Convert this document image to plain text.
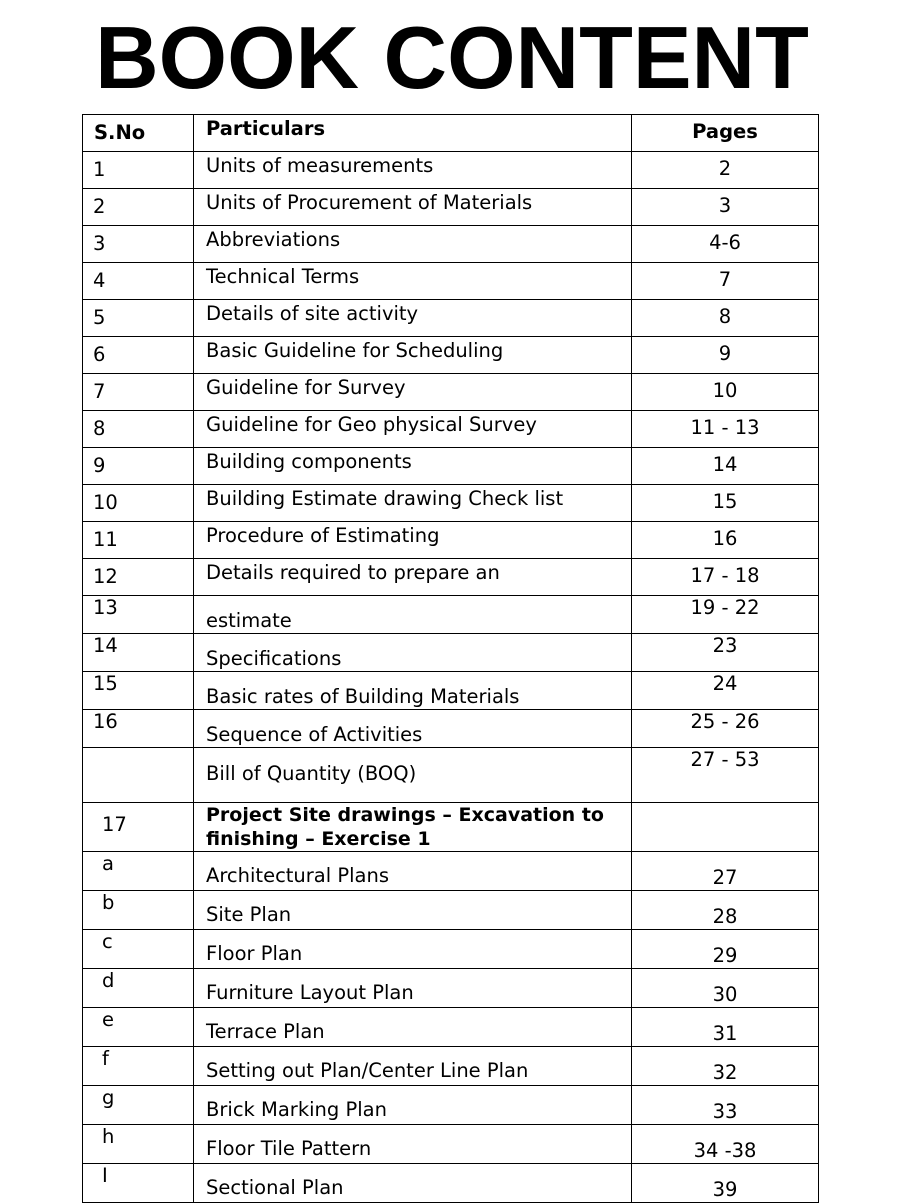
BOOK CONTENT
S.No	Particulars	Pages

1	Units of measurements	2

2	Units of Procurement of Materials	3

3	Abbreviations	4-6

4	Technical Terms	7

5	Details of site activity	8

6	Basic Guideline for Scheduling	9

7	Guideline for Survey	10

8	Guideline for Geo physical Survey	11 - 13

9	Building components	14

10	Building Estimate drawing Check list	15

11	Procedure of Estimating	16

12	Details required to prepare an	17 - 18

13	estimate	19 - 22

14	Specifications	23

15	Basic rates of Building Materials	24

16	Sequence of Activities	25 - 26

	Bill of Quantity (BOQ)	27 - 53

17	Project Site drawings – Excavation to finishing – Exercise 1	

a	Architectural Plans	27

b	Site Plan	28

c	Floor Plan	29

d	Furniture Layout Plan	30

e	Terrace Plan	31

f	Setting out Plan/Center Line Plan	32

g	Brick Marking Plan	33

h	Floor Tile Pattern	34 -38

I	Sectional Plan	39
